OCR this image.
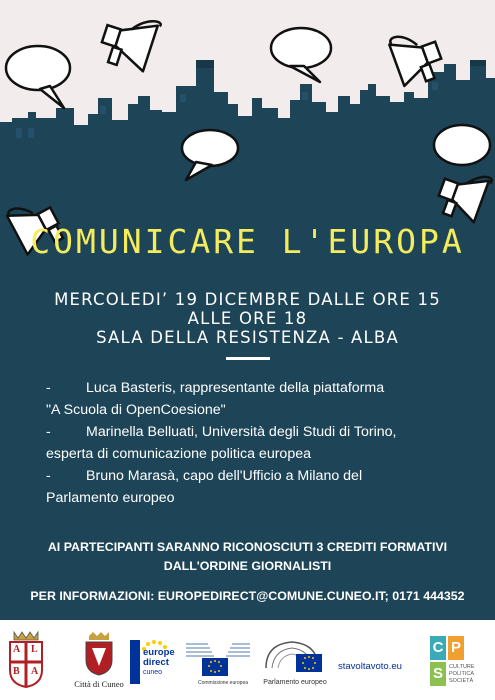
COMUNICARE L'EUROPA
MERCOLEDI’ 19 DICEMBRE DALLE ORE 15
ALLE ORE 18
SALA DELLA RESISTENZA - ALBA
- Luca Basteris, rappresentante della piattaforma
"A Scuola di OpenCoesione"
- Marinella Belluati, Università degli Studi di Torino,
esperta di comunicazione politica europea
- Bruno Marasà, capo dell'Ufficio a Milano del
Parlamento europeo
AI PARTECIPANTI SARANNO RICONOSCIUTI 3 CREDITI FORMATIVI
DALL'ORDINE GIORNALISTI
PER INFORMAZIONI: EUROPEDIRECT@COMUNE.CUNEO.IT; 0171 444352
A L
B A
Città di Cuneo
europe
direct
cuneo
Commissione europea Parlamento europeo
stavoltavoto.eu
C P
S	CULTURE
POLITICA
SOCIETÀ
